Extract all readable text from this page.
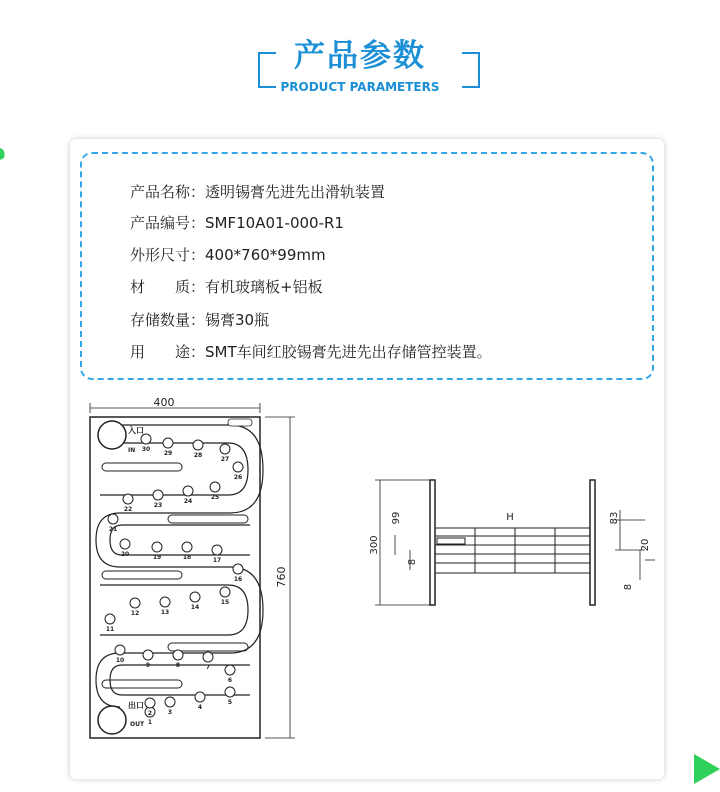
产品参数
PRODUCT PARAMETERS
产品名称：透明锡膏先进先出滑轨装置
产品编号：SMF10A01-000-R1
外形尺寸：400*760*99mm
材　　质：有机玻璃板+铝板
存储数量：锡膏30瓶
用　　途：SMT车间红胶锡膏先进先出存储管控装置。
400
760
入口
IN
出口
OUT 1
2	3
4
5
6
7
8
9
10
11
12	13
14
15
16
17
18
19
20
21
22
23
24
25
26
27
28
29
30
300
99
8
H	83
20
8
